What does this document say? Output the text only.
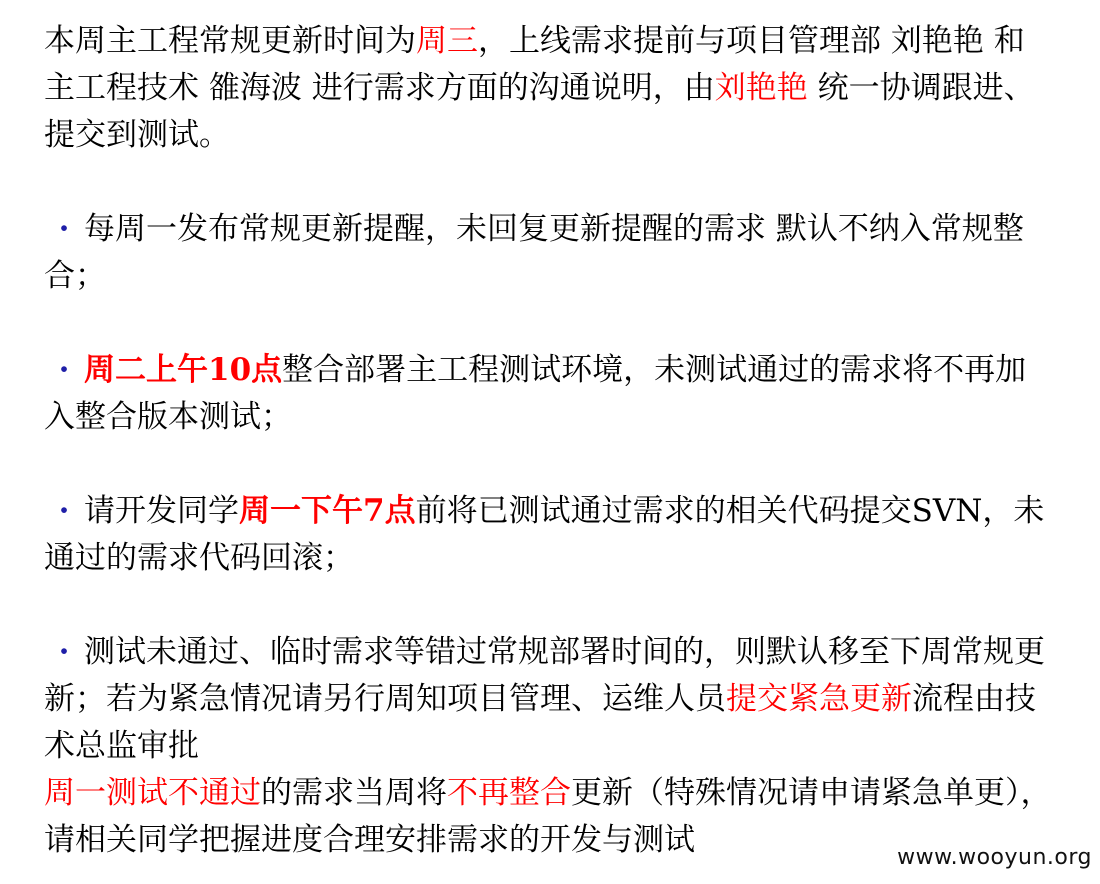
本周主工程常规更新时间为周三，上线需求提前与项目管理部 刘艳艳 和主工程技术 雒海波 进行需求方面的沟通说明，由刘艳艳 统一协调跟进、提交到测试。

· 每周一发布常规更新提醒，未回复更新提醒的需求 默认不纳入常规整合；

· 周二上午10点整合部署主工程测试环境，未测试通过的需求将不再加入整合版本测试；

· 请开发同学周一下午7点前将已测试通过需求的相关代码提交SVN，未通过的需求代码回滚；

· 测试未通过、临时需求等错过常规部署时间的，则默认移至下周常规更新；若为紧急情况请另行周知项目管理、运维人员提交紧急更新流程由技术总监审批

周一测试不通过的需求当周将不再整合更新（特殊情况请申请紧急单更），请相关同学把握进度合理安排需求的开发与测试	www.wooyun.org
